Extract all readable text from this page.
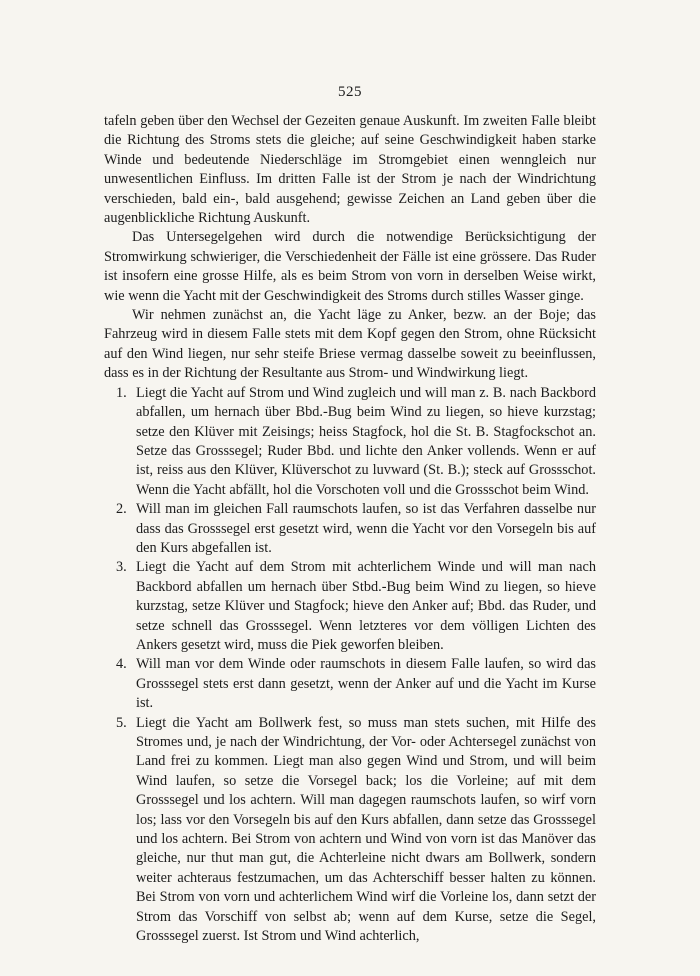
525

tafeln geben über den Wechsel der Gezeiten genaue Auskunft. Im zweiten Falle bleibt die Richtung des Stroms stets die gleiche; auf seine Geschwindigkeit haben starke Winde und bedeutende Niederschläge im Stromgebiet einen wenngleich nur unwesentlichen Einfluss. Im dritten Falle ist der Strom je nach der Windrichtung verschieden, bald ein-, bald ausgehend; gewisse Zeichen an Land geben über die augenblickliche Richtung Auskunft.

Das Untersegelgehen wird durch die notwendige Berücksichtigung der Stromwirkung schwieriger, die Verschiedenheit der Fälle ist eine grössere. Das Ruder ist insofern eine grosse Hilfe, als es beim Strom von vorn in derselben Weise wirkt, wie wenn die Yacht mit der Geschwindigkeit des Stroms durch stilles Wasser ginge.

Wir nehmen zunächst an, die Yacht läge zu Anker, bezw. an der Boje; das Fahrzeug wird in diesem Falle stets mit dem Kopf gegen den Strom, ohne Rücksicht auf den Wind liegen, nur sehr steife Briese vermag dasselbe soweit zu beeinflussen, dass es in der Richtung der Resultante aus Strom- und Windwirkung liegt.

1. Liegt die Yacht auf Strom und Wind zugleich und will man z. B. nach Backbord abfallen, um hernach über Bbd.-Bug beim Wind zu liegen, so hieve kurzstag; setze den Klüver mit Zeisings; heiss Stagfock, hol die St. B. Stagfockschot an. Setze das Grosssegel; Ruder Bbd. und lichte den Anker vollends. Wenn er auf ist, reiss aus den Klüver, Klüverschot zu luvward (St. B.); steck auf Grossschot. Wenn die Yacht abfällt, hol die Vorschoten voll und die Grossschot beim Wind.
2. Will man im gleichen Fall raumschots laufen, so ist das Verfahren dasselbe nur dass das Grosssegel erst gesetzt wird, wenn die Yacht vor den Vorsegeln bis auf den Kurs abgefallen ist.
3. Liegt die Yacht auf dem Strom mit achterlichem Winde und will man nach Backbord abfallen um hernach über Stbd.-Bug beim Wind zu liegen, so hieve kurzstag, setze Klüver und Stagfock; hieve den Anker auf; Bbd. das Ruder, und setze schnell das Grosssegel. Wenn letzteres vor dem völligen Lichten des Ankers gesetzt wird, muss die Piek geworfen bleiben.
4. Will man vor dem Winde oder raumschots in diesem Falle laufen, so wird das Grosssegel stets erst dann gesetzt, wenn der Anker auf und die Yacht im Kurse ist.
5. Liegt die Yacht am Bollwerk fest, so muss man stets suchen, mit Hilfe des Stromes und, je nach der Windrichtung, der Vor- oder Achtersegel zunächst von Land frei zu kommen. Liegt man also gegen Wind und Strom, und will beim Wind laufen, so setze die Vorsegel back; los die Vorleine; auf mit dem Grosssegel und los achtern. Will man dagegen raumschots laufen, so wirf vorn los; lass vor den Vorsegeln bis auf den Kurs abfallen, dann setze das Grosssegel und los achtern. Bei Strom von achtern und Wind von vorn ist das Manöver das gleiche, nur thut man gut, die Achterleine nicht dwars am Bollwerk, sondern weiter achteraus festzumachen, um das Achterschiff besser halten zu können. Bei Strom von vorn und achterlichem Wind wirf die Vorleine los, dann setzt der Strom das Vorschiff von selbst ab; wenn auf dem Kurse, setze die Segel, Grosssegel zuerst. Ist Strom und Wind achterlich,
